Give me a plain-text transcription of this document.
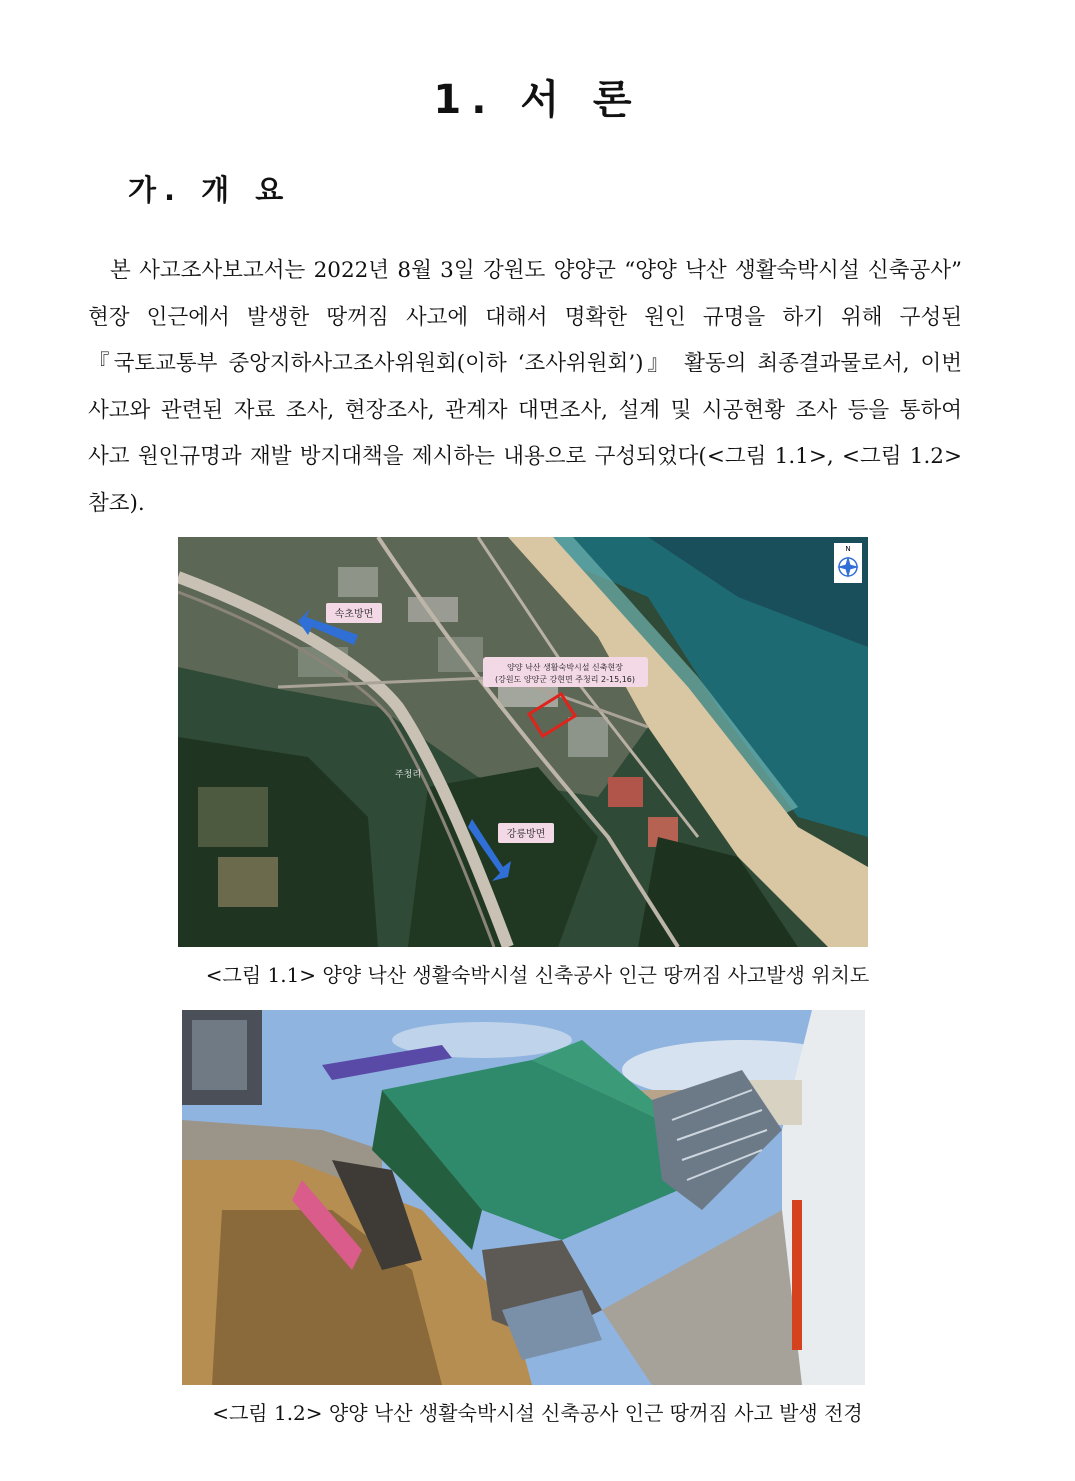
1. 서 론
가. 개 요

본 사고조사보고서는 2022년 8월 3일 강원도 양양군 “양양 낙산 생활숙박시설 신축공사” 현장 인근에서 발생한 땅꺼짐 사고에 대해서 명확한 원인 규명을 하기 위해 구성된 『국토교통부 중앙지하사고조사위원회(이하 ‘조사위원회’)』 활동의 최종결과물로서, 이번 사고와 관련된 자료 조사, 현장조사, 관계자 대면조사, 설계 및 시공현황 조사 등을 통하여 사고 원인규명과 재발 방지대책을 제시하는 내용으로 구성되었다(<그림 1.1>, <그림 1.2> 참조).

N
속초방면
강릉방면
양양 낙산 생활숙박시설 신축현장
(강원도 양양군 강현면 주청리 2-15,16)
주청리

<그림 1.1> 양양 낙산 생활숙박시설 신축공사 인근 땅꺼짐 사고발생 위치도

<그림 1.2> 양양 낙산 생활숙박시설 신축공사 인근 땅꺼짐 사고 발생 전경
